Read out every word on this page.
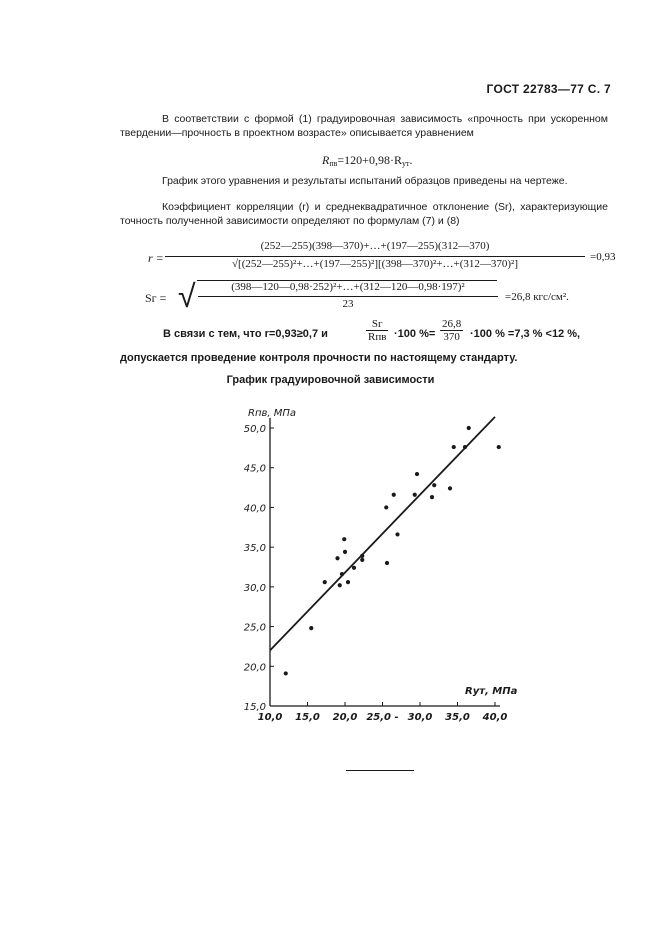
ГОСТ 22783—77 С. 7
В соответствии с формой (1) градуировочная зависимость «прочность при ускоренном твердении—прочность в проектном возрасте» описывается уравнением
$R_{пв}=120+0,98\cdot R_{ут}$.
График этого уравнения и результаты испытаний образцов приведены на чертеже.
Коэффициент корреляции (r) и среднеквадратичное отклонение (Sr), характеризующие точность полученной зависимости определяют по формулам (7) и (8)
r =
(252—255)(398—370)+…+(197—255)(312—370)
√[(252—255)²+…+(197—255)²][(398—370)²+…+(312—370)²]
=0,93
Sг = √	(398—120—0,98·252)²+…+(312—120—0,98·197)²
23
=26,8 кгс/см².
В связи с тем, что r=0,93≥0,7 и
Sг
Rпв ·100 %= $\frac{26,8}{370} \cdot 100$ % =7,3 % <12 %,
допускается проведение контроля прочности по настоящему стандарту.
График градуировочной зависимости
15,0
20,0
25,0
30,0
35,0
40,0
45,0
50,0
10,0 15,0 20,0 25,0 - 30,0 35,0 40,0
Rпв, МПа
Rут, МПа
